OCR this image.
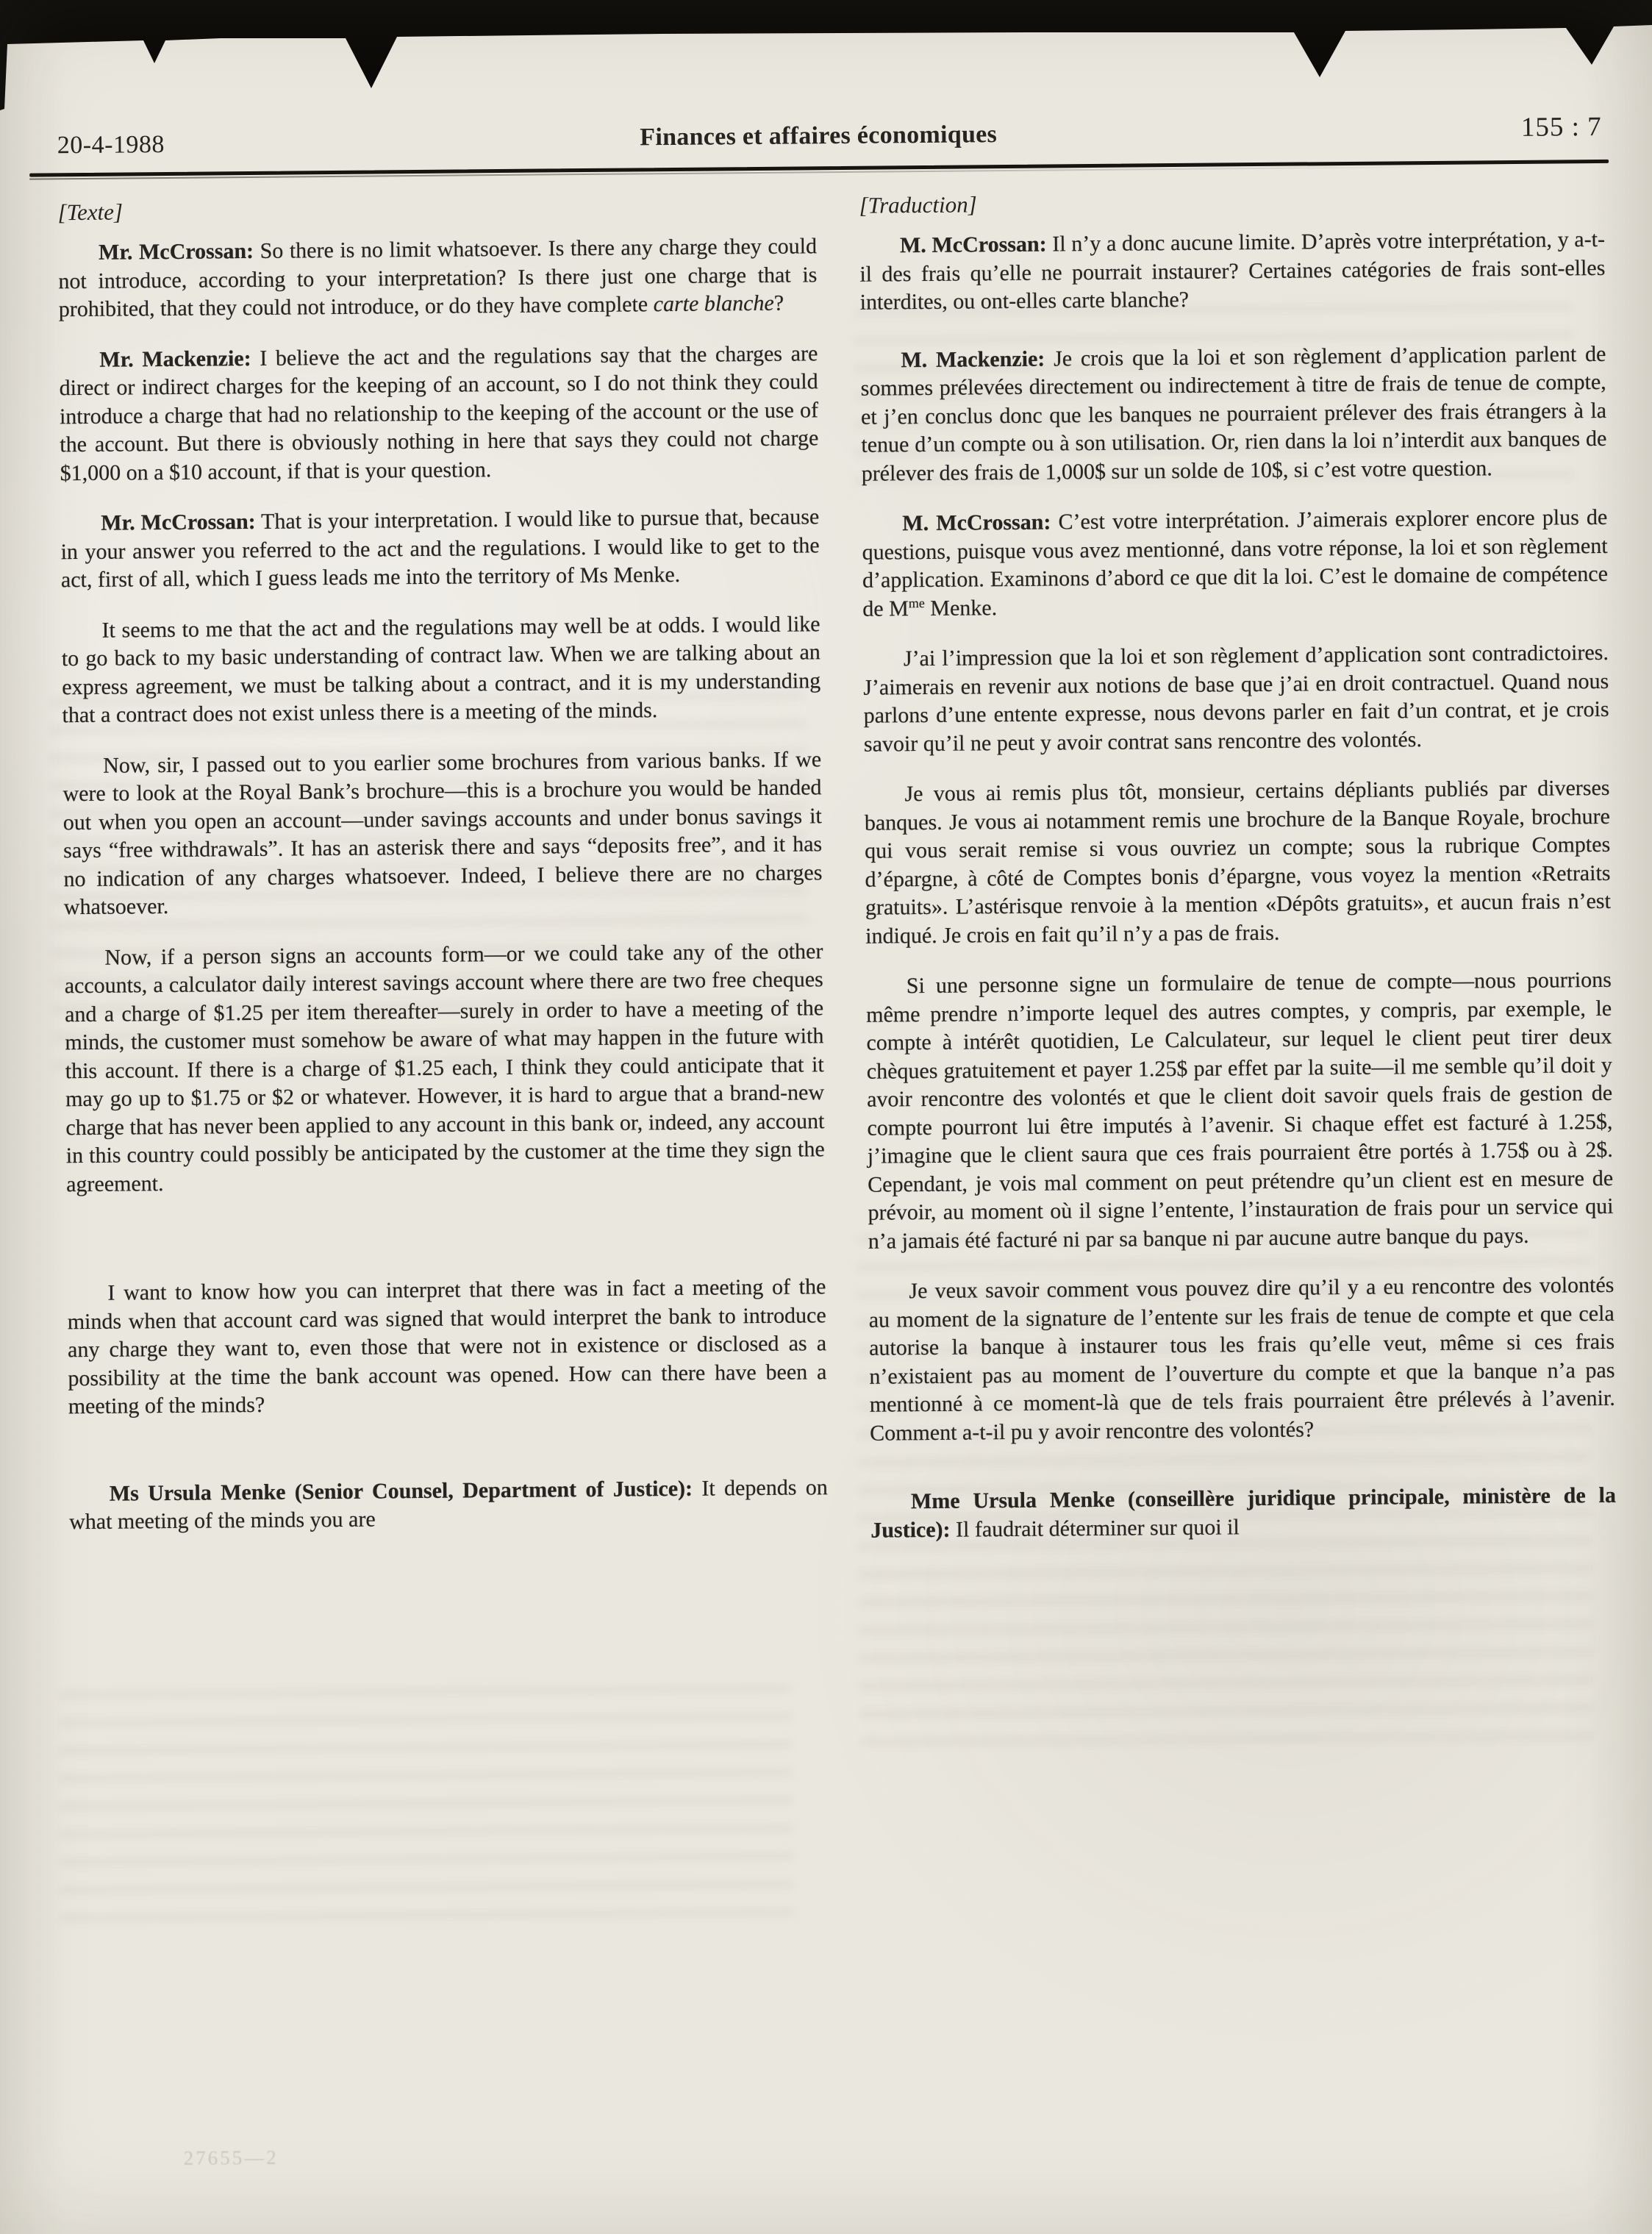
20-4-1988	Finances et affaires économiques	155 : 7
[Texte]	[Traduction]

Mr. McCrossan: So there is no limit whatsoever. Is there any charge they could not introduce, according to your interpretation? Is there just one charge that is prohibited, that they could not introduce, or do they have complete carte blanche?

Mr. Mackenzie: I believe the act and the regulations say that the charges are direct or indirect charges for the keeping of an account, so I do not think they could introduce a charge that had no relationship to the keeping of the account or the use of the account. But there is obviously nothing in here that says they could not charge $1,000 on a $10 account, if that is your question.

Mr. McCrossan: That is your interpretation. I would like to pursue that, because in your answer you referred to the act and the regulations. I would like to get to the act, first of all, which I guess leads me into the territory of Ms Menke.

It seems to me that the act and the regulations may well be at odds. I would like to go back to my basic understanding of contract law. When we are talking about an express agreement, we must be talking about a contract, and it is my understanding that a contract does not exist unless there is a meeting of the minds.

Now, sir, I passed out to you earlier some brochures from various banks. If we were to look at the Royal Bank’s brochure—this is a brochure you would be handed out when you open an account—under savings accounts and under bonus savings it says “free withdrawals”. It has an asterisk there and says “deposits free”, and it has no indication of any charges whatsoever. Indeed, I believe there are no charges whatsoever.

Now, if a person signs an accounts form—or we could take any of the other accounts, a calculator daily interest savings account where there are two free cheques and a charge of $1.25 per item thereafter—surely in order to have a meeting of the minds, the customer must somehow be aware of what may happen in the future with this account. If there is a charge of $1.25 each, I think they could anticipate that it may go up to $1.75 or $2 or whatever. However, it is hard to argue that a brand-new charge that has never been applied to any account in this bank or, indeed, any account in this country could possibly be anticipated by the customer at the time they sign the agreement.

I want to know how you can interpret that there was in fact a meeting of the minds when that account card was signed that would interpret the bank to introduce any charge they want to, even those that were not in existence or disclosed as a possibility at the time the bank account was opened. How can there have been a meeting of the minds?

Ms Ursula Menke (Senior Counsel, Department of Justice): It depends on what meeting of the minds you are

M. McCrossan: Il n’y a donc aucune limite. D’après votre interprétation, y a-t-il des frais qu’elle ne pourrait instaurer? Certaines catégories de frais sont-elles interdites, ou ont-elles carte blanche?

M. Mackenzie: Je crois que la loi et son règlement d’application parlent de sommes prélevées directement ou indirectement à titre de frais de tenue de compte, et j’en conclus donc que les banques ne pourraient prélever des frais étrangers à la tenue d’un compte ou à son utilisation. Or, rien dans la loi n’interdit aux banques de prélever des frais de 1,000$ sur un solde de 10$, si c’est votre question.

M. McCrossan: C’est votre interprétation. J’aimerais explorer encore plus de questions, puisque vous avez mentionné, dans votre réponse, la loi et son règlement d’application. Examinons d’abord ce que dit la loi. C’est le domaine de compétence de $M^{me}$ Menke.

J’ai l’impression que la loi et son règlement d’application sont contradictoires. J’aimerais en revenir aux notions de base que j’ai en droit contractuel. Quand nous parlons d’une entente expresse, nous devons parler en fait d’un contrat, et je crois savoir qu’il ne peut y avoir contrat sans rencontre des volontés.

Je vous ai remis plus tôt, monsieur, certains dépliants publiés par diverses banques. Je vous ai notamment remis une brochure de la Banque Royale, brochure qui vous serait remise si vous ouvriez un compte; sous la rubrique Comptes d’épargne, à côté de Comptes bonis d’épargne, vous voyez la mention «Retraits gratuits». L’astérisque renvoie à la mention «Dépôts gratuits», et aucun frais n’est indiqué. Je crois en fait qu’il n’y a pas de frais.

Si une personne signe un formulaire de tenue de compte—nous pourrions même prendre n’importe lequel des autres comptes, y compris, par exemple, le compte à intérêt quotidien, Le Calculateur, sur lequel le client peut tirer deux chèques gratuitement et payer 1.25$ par effet par la suite—il me semble qu’il doit y avoir rencontre des volontés et que le client doit savoir quels frais de gestion de compte pourront lui être imputés à l’avenir. Si chaque effet est facturé à 1.25$, j’imagine que le client saura que ces frais pourraient être portés à 1.75$ ou à 2$. Cependant, je vois mal comment on peut prétendre qu’un client est en mesure de prévoir, au moment où il signe l’entente, l’instauration de frais pour un service qui n’a jamais été facturé ni par sa banque ni par aucune autre banque du pays.

Je veux savoir comment vous pouvez dire qu’il y a eu rencontre des volontés au moment de la signature de l’entente sur les frais de tenue de compte et que cela autorise la banque à instaurer tous les frais qu’elle veut, même si ces frais n’existaient pas au moment de l’ouverture du compte et que la banque n’a pas mentionné à ce moment-là que de tels frais pourraient être prélevés à l’avenir. Comment a-t-il pu y avoir rencontre des volontés?

Mme Ursula Menke (conseillère juridique principale, ministère de la Justice): Il faudrait déterminer sur quoi il

27655—2
